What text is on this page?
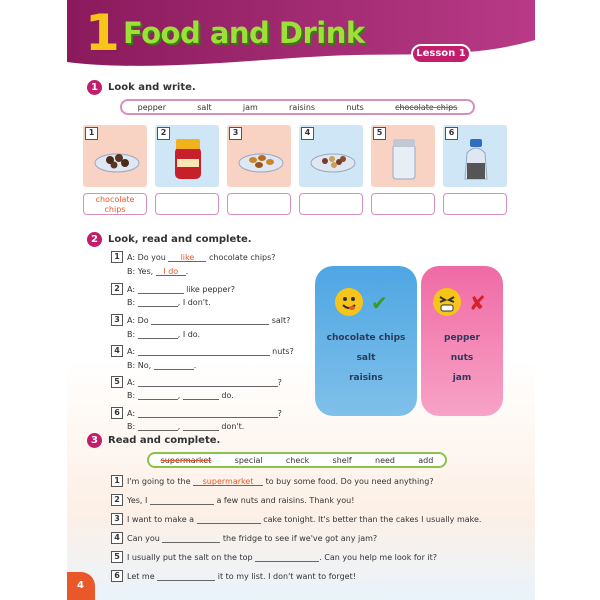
1 Food and Drink
Lesson 1
1	Look and write.
pepper	salt	jam	raisins	nuts	chocolate chips
1	2	3	4	5	6
chocolate chips
2	Look, read and complete.
1 A: Do you
	like
	chocolate chips?
B: Yes,
	I do .
2 A:

	like pepper?
B:
	, I don't.
3 A: Do

	salt?
B:
	, I do.
4 A:

	nuts?
B: No,
	.
5 A:
	?
B:
	,

	do.
6 A:
	?
B:
	,

	don't.
✔
chocolate chips
salt
raisins
✘
pepper
nuts
jam
3	Read and complete.
supermarket	special	check	shelf	need	add
1 I'm going to the
	supermarket
	to buy some food. Do you need anything?
2 Yes, I

	a few nuts and raisins. Thank you!
3 I want to make a

	cake tonight. It's better than the cakes I usually make.
4 Can you

	the fridge to see if we've got any jam?
5 I usually put the salt on the top
	. Can you help me look for it?
6 Let me

	it to my list. I don't want to forget!
4
